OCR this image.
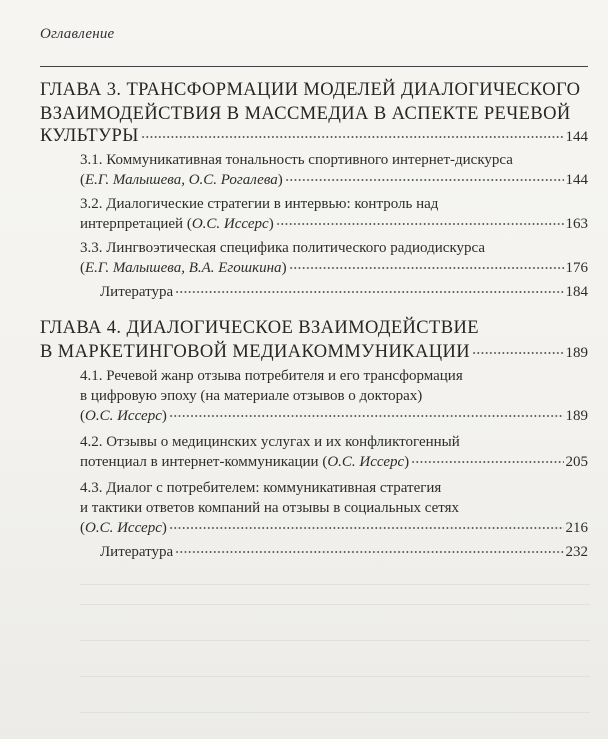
Оглавление
ГЛАВА 3. ТРАНСФОРМАЦИИ МОДЕЛЕЙ ДИАЛОГИЧЕСКОГО
ВЗАИМОДЕЙСТВИЯ В МАССМЕДИА В АСПЕКТЕ РЕЧЕВОЙ
КУЛЬТУРЫ	144
3.1. Коммуникативная тональность спортивного интернет-дискурса
( Е.Г. Малышева, О.С. Рогалева )	144
3.2. Диалогические стратегии в интервью: контроль над
интерпретацией ( О.С. Иссерс )	163
3.3. Лингвоэтическая специфика политического радиодискурса
( Е.Г. Малышева, В.А. Егошкина )	176
Литература	184
ГЛАВА 4. ДИАЛОГИЧЕСКОЕ ВЗАИМОДЕЙСТВИЕ
В МАРКЕТИНГОВОЙ МЕДИАКОММУНИКАЦИИ	189
4.1. Речевой жанр отзыва потребителя и его трансформация
в цифровую эпоху (на материале отзывов о докторах)
( О.С. Иссерс )	189
4.2. Отзывы о медицинских услугах и их конфликтогенный
потенциал в интернет-коммуникации ( О.С. Иссерс )	205
4.3. Диалог с потребителем: коммуникативная стратегия
и тактики ответов компаний на отзывы в социальных сетях
( О.С. Иссерс )	216
Литература	232
